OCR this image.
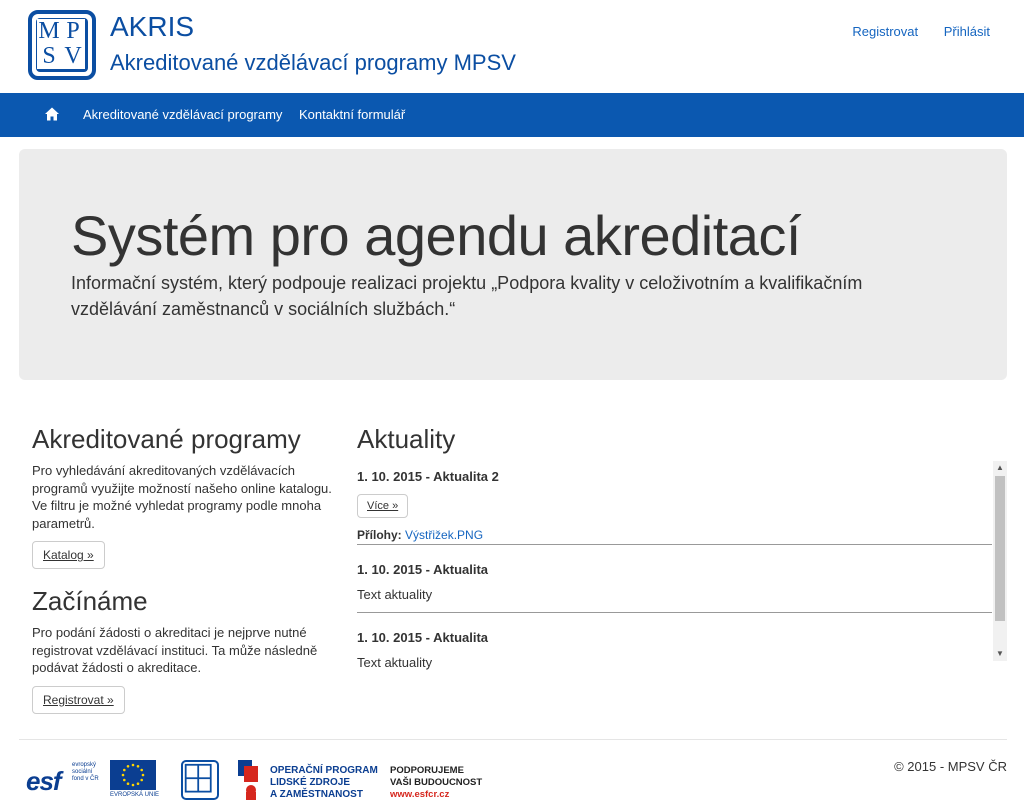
M P
S V
AKRIS
Akreditované vzdělávací programy MPSV
Registrovat Přihlásit
Akreditované vzdělávací programy Kontaktní formulář
Systém pro agendu akreditací

Informační systém, který podpouje realizaci projektu „Podpora kvality v celoživotním a kvalifikačním vzdělávání zaměstnanců v sociálních službách.“

Akreditované programy

Pro vyhledávání akreditovaných vzdělávacích programů využijte možností našeho online katalogu. Ve filtru je možné vyhledat programy podle mnoha parametrů.

Katalog »
Začínáme

Pro podání žádosti o akreditaci je nejprve nutné registrovat vzdělávací instituci. Ta může následně podávat žádosti o akreditace.

Registrovat »
Aktuality
1. 10. 2015 - Aktualita 2
Více »
Přílohy: Výstřižek.PNG
1. 10. 2015 - Aktualita
Text aktuality
1. 10. 2015 - Aktualita
Text aktuality
▲
▼
esf
evropský
sociální
fond v ČR
EVROPSKÁ UNIE
OPERAČNÍ PROGRAM
LIDSKÉ ZDROJE
A ZAMĚSTNANOST
PODPORUJEME
VAŠI BUDOUCNOST
www.esfcr.cz
© 2015 - MPSV ČR
